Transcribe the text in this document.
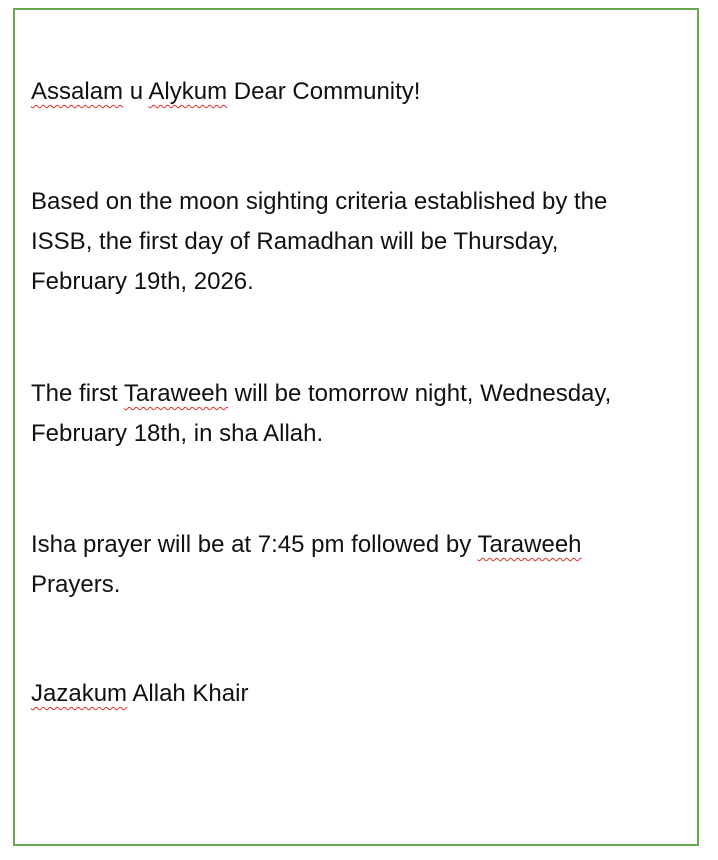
Assalam u Alykum Dear Community!

Based on the moon sighting criteria established by the
ISSB, the first day of Ramadhan will be Thursday,
February 19th, 2026.

The first Taraweeh will be tomorrow night, Wednesday,
February 18th, in sha Allah.

Isha prayer will be at 7:45 pm followed by Taraweeh
Prayers.

Jazakum Allah Khair
